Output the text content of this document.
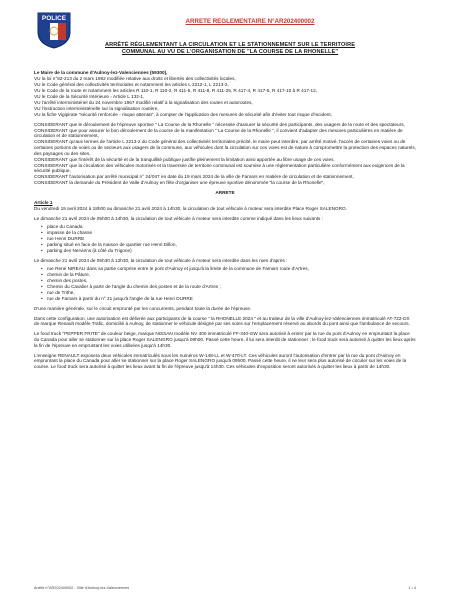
POLICE	ARRETE REGLEMENTAIRE N°AR202400002
ARRÊTÉ RÉGLEMENTANT LA CIRCULATION ET LE STATIONNEMENT SUR LE TERRITOIRE
COMMUNAL AU VU DE L'ORGANISATION DE "LA COURSE DE LA RHONELLE"

Le Maire de la commune d'Aulnoy-lez-Valenciennes (59300),

VU la loi n°82-213 du 2 mars 1982 modifiée relative aux droits et libertés des collectivités locales,

VU le Code général des collectivités territoriales et notamment les articles L 2212-1, L 2213-2,

VU le Code de la route et notamment les articles R 110-1, R 110-2, R 411-5, R 411-8, R 411-25, R 417-4, R 417-5, R 417-10 à R 417-12,

VU le Code de la Sécurité Intérieure - Article L 132-1,

VU l'arrêté interministériel du 24 novembre 1967 modifié relatif à la signalisation des routes et autoroutes,

VU l'instruction interministérielle sur la signalisation routière,

VU la fiche Vigipirate "sécurité renforcée - risque attentat", à compter de l'application des mesures de sécurité afin d'éviter tout risque d'incident,

CONSIDERANT que le déroulement de l'épreuve sportive " La Course de la Rhonelle " nécessite d'assurer la sécurité des participants, des usagers de la route et des spectateurs,

CONSIDERANT que pour assurer le bon déroulement de la course de la manifestation " La Course de la Rhonelle ", il convient d'adapter des mesures particulières en matière de circulation et de stationnement,

CONSIDERANT qu'aux termes de l'article L 2213-2 du Code général des collectivités territoriales précité, le maire peut interdire, par arrêté motivé, l'accès de certaines voies ou de certaines portions de voies ou de secteurs aux usagers de la commune, aux véhicules dont la circulation sur ces voies est de nature à compromettre la protection des espaces naturels, des paysages ou des sites,

CONSIDERANT que l'intérêt de la sécurité et de la tranquillité publique justifie pleinement la limitation ainsi apportée au libre usage de ces voies,

CONSIDERANT que la circulation des véhicules motorisés et la traversée de territoire communal est soumise à une réglementation particulière conformément aux exigences de la sécurité publique,

CONSIDERANT l'autorisation par arrêté municipal n° 24/047 en date du 19 mars 2024 de la ville de Famars en matière de circulation et de stationnement,

CONSIDERANT la demande du Président de Valle d'Aulnoy en fête d'organiser une épreuve sportive dénommée "la course de la Rhonelle",

ARRETE

Article 1

Du vendredi 19 avril 2024 à 18h00 au dimanche 21 avril 2024 à 14h30, la circulation de tout véhicule à moteur sera interdite Place Roger SALENGRO.

Le dimanche 21 avril 2024 de 05h00 à 14h30, la circulation de tout véhicule à moteur sera interdite comme indiqué dans les lieux suivants :

• place du Canada

• impasse de la chasse

• rue Henri DURRE

• parking situé en face de la maison de quartier rue Henri Dillon,

• parking des Nerviens (à côté du Trigone)

Le dimanche 21 avril 2024 de 05h30 à 12h30, la circulation de tout véhicule à moteur sera interdite dans les rues d'après :

• rue René NIREAU dans sa partie comprise entre le pont d'Aulnoy et jusqu'à la limite de la commune de Famars route d'Artres,

• chemin de la Pâture,

• chemin des postes,

• Chemin du Cavalier à partir de l'angle du chemin des postes et de la route d'Artres ;

• rue de Trithe,

• rue de Famars à partir du n° 21 jusqu'à l'angle de la rue Henri DURRE

D'une manière générale, sur le circuit emprunté par les concurrents, pendant toute la durée de l'épreuve.

Dans cette configuration, une autorisation est délivrée aux participants de la course " la RHONELLE 2024 " et au traiteur de la ville d'Aulnoy-lez-Valenciennes immatriculé AT-722-DX de marque Renault modèle Trafic, domicilié à Aulnoy, de stationner le véhicule désigné par ses soins sur l'emplacement réservé au abords du pont ainsi que l'ambulance de secours.

Le food truck "PEPPER FRITE" de couleur beige, marque NISSAN modèle NV 400 immatriculé FF-340-GW sera autorisé à entrer par la rue du pont d'Aulnoy en empruntant la place du Canada pour aller se stationner sur la place Roger SALENGRO jusqu'à 09h00. Passé cette heure, il lui sera interdit de stationner ; le food truck sera autorisé à quitter les lieux après la fin de l'épreuve en empruntant les voies utilisées jusqu'à 14h30.

L'enseigne RENAULT exposera deux véhicules immatriculés sous les numéros W-148-LL et W-470-LT. Ces véhicules auront l'autorisation d'entrer par la rue du pont d'Aulnoy en empruntant la place du Canada pour aller se stationner sur la place Roger SALENGRO jusqu'à 09h00. Passé cette heure, il ne leur sera plus autorisé de circuler sur les voies de la course. Le food truck sera autorisé à quitter les lieux avant la fin de l'épreuve jusqu'à 14h30. Ces véhicules d'exposition seront autorisés à quitter les lieux à partir de 14h30.

Arrêté n°AR202400002 - Ville d'Aulnoy-lez-Valenciennes	1 / 4
